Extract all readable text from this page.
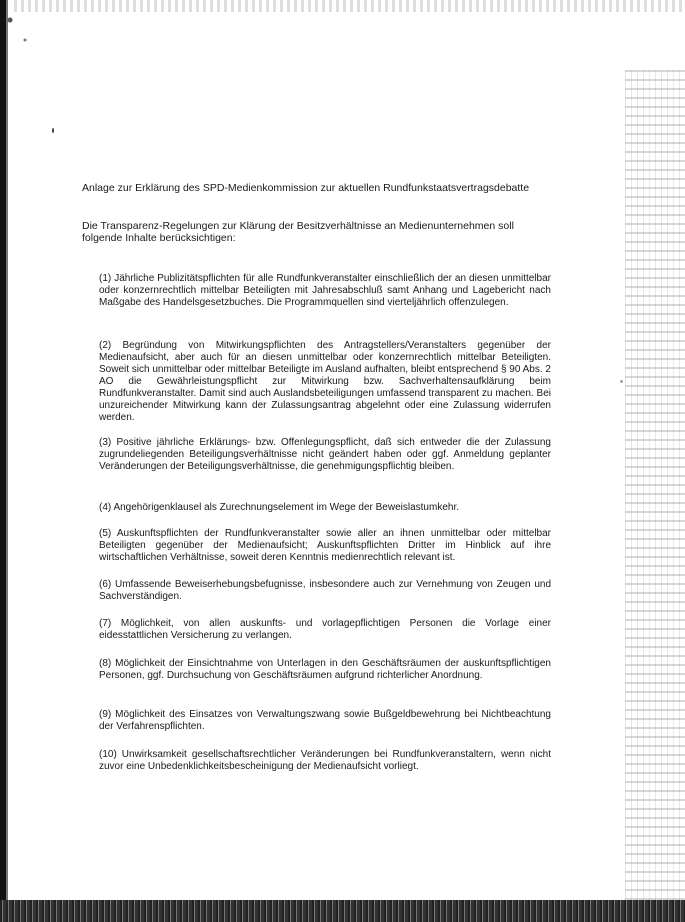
Anlage zur Erklärung des SPD-Medienkommission zur aktuellen Rundfunkstaatsvertragsdebatte

Die Transparenz-Regelungen zur Klärung der Besitzverhältnisse an Medienunternehmen soll folgende Inhalte berücksichtigen:

(1) Jährliche Publizitätspflichten für alle Rundfunkveranstalter einschließlich der an diesen unmittelbar oder konzernrechtlich mittelbar Beteiligten mit Jahresabschluß samt Anhang und Lagebericht nach Maßgabe des Handelsgesetzbuches. Die Programmquellen sind vierteljährlich offenzulegen.

(2) Begründung von Mitwirkungspflichten des Antragstellers/Veranstalters gegenüber der Medienaufsicht, aber auch für an diesen unmittelbar oder konzernrechtlich mittelbar Beteiligten. Soweit sich unmittelbar oder mittelbar Beteiligte im Ausland aufhalten, bleibt entsprechend § 90 Abs. 2 AO die Gewährleistungspflicht zur Mitwirkung bzw. Sachverhaltensaufklärung beim Rundfunkveranstalter. Damit sind auch Auslandsbeteiligungen umfassend transparent zu machen. Bei unzureichender Mitwirkung kann der Zulassungsantrag abgelehnt oder eine Zulassung widerrufen werden.

(3) Positive jährliche Erklärungs- bzw. Offenlegungspflicht, daß sich entweder die der Zulassung zugrundeliegenden Beteiligungsverhältnisse nicht geändert haben oder ggf. Anmeldung geplanter Veränderungen der Beteiligungsverhältnisse, die genehmigungspflichtig bleiben.

(4) Angehörigenklausel als Zurechnungselement im Wege der Beweislastumkehr.

(5) Auskunftspflichten der Rundfunkveranstalter sowie aller an ihnen unmittelbar oder mittelbar Beteiligten gegenüber der Medienaufsicht; Auskunftspflichten Dritter im Hinblick auf ihre wirtschaftlichen Verhältnisse, soweit deren Kenntnis medienrechtlich relevant ist.

(6) Umfassende Beweiserhebungsbefugnisse, insbesondere auch zur Vernehmung von Zeugen und Sachverständigen.

(7) Möglichkeit, von allen auskunfts- und vorlagepflichtigen Personen die Vorlage einer eidesstattlichen Versicherung zu verlangen.

(8) Möglichkeit der Einsichtnahme von Unterlagen in den Geschäftsräumen der auskunftspflichtigen Personen, ggf. Durchsuchung von Geschäftsräumen aufgrund richterlicher Anordnung.

(9) Möglichkeit des Einsatzes von Verwaltungszwang sowie Bußgeldbewehrung bei Nichtbeachtung der Verfahrenspflichten.

(10) Unwirksamkeit gesellschaftsrechtlicher Veränderungen bei Rundfunkveranstaltern, wenn nicht zuvor eine Unbedenklichkeitsbescheinigung der Medienaufsicht vorliegt.
